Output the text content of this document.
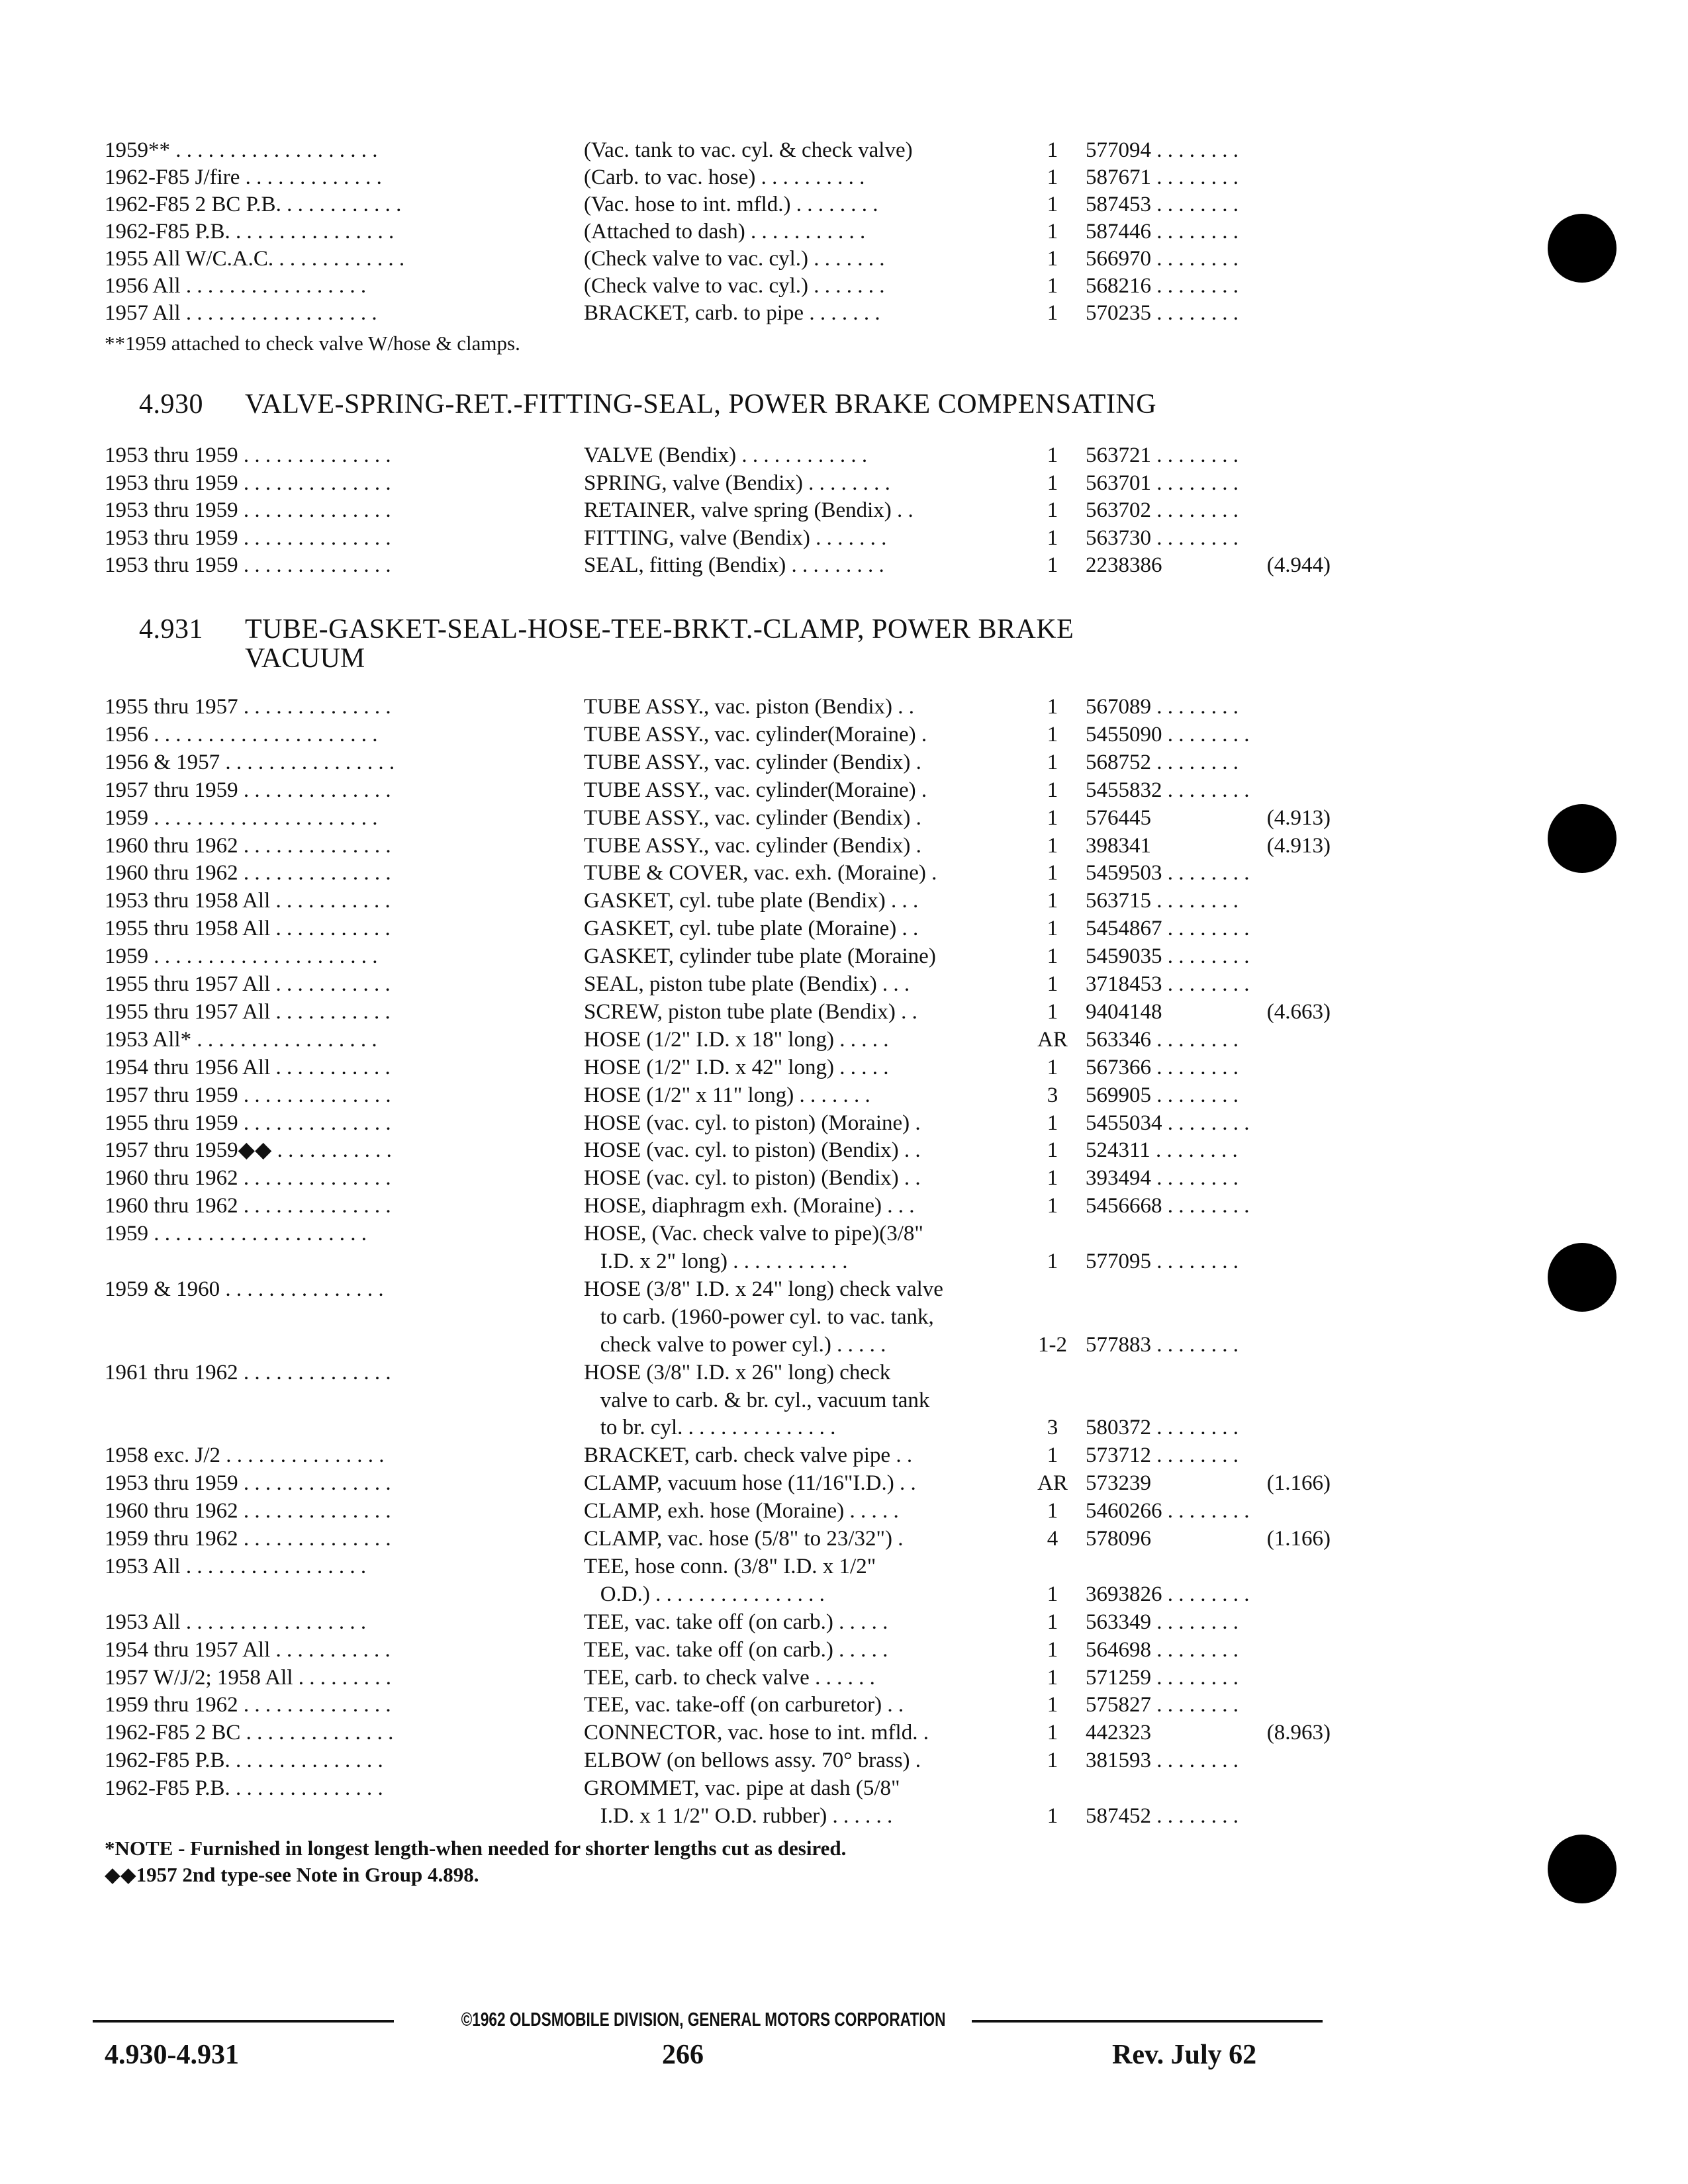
1959** . . . . . . . . . . . . . . . . . . .	(Vac. tank to vac. cyl. & check valve)	1	577094 . . . . . . . .
1962-F85 J/fire . . . . . . . . . . . . .	(Carb. to vac. hose) . . . . . . . . . .	1	587671 . . . . . . . .
1962-F85 2 BC P.B. . . . . . . . . . . .	(Vac. hose to int. mfld.) . . . . . . . .	1	587453 . . . . . . . .
1962-F85 P.B. . . . . . . . . . . . . . . .	(Attached to dash) . . . . . . . . . . .	1	587446 . . . . . . . .
1955 All W/C.A.C. . . . . . . . . . . . .	(Check valve to vac. cyl.) . . . . . . .	1	566970 . . . . . . . .
1956 All . . . . . . . . . . . . . . . . .	(Check valve to vac. cyl.) . . . . . . .	1	568216 . . . . . . . .
1957 All . . . . . . . . . . . . . . . . . .	BRACKET, carb. to pipe . . . . . . .	1	570235 . . . . . . . .
**1959 attached to check valve W/hose & clamps.
4.930 VALVE-SPRING-RET.-FITTING-SEAL, POWER BRAKE COMPENSATING
1953 thru 1959 . . . . . . . . . . . . . .	VALVE (Bendix) . . . . . . . . . . . .	1	563721 . . . . . . . .
1953 thru 1959 . . . . . . . . . . . . . .	SPRING, valve (Bendix) . . . . . . . .	1	563701 . . . . . . . .
1953 thru 1959 . . . . . . . . . . . . . .	RETAINER, valve spring (Bendix) . .	1	563702 . . . . . . . .
1953 thru 1959 . . . . . . . . . . . . . .	FITTING, valve (Bendix) . . . . . . .	1	563730 . . . . . . . .
1953 thru 1959 . . . . . . . . . . . . . .	SEAL, fitting (Bendix) . . . . . . . . .	1	2238386	(4.944)
4.931 TUBE-GASKET-SEAL-HOSE-TEE-BRKT.-CLAMP, POWER BRAKE
VACUUM
1955 thru 1957 . . . . . . . . . . . . . .	TUBE ASSY., vac. piston (Bendix) . .	1	567089 . . . . . . . .
1956 . . . . . . . . . . . . . . . . . . . . .	TUBE ASSY., vac. cylinder(Moraine) .	1	5455090 . . . . . . . .
1956 & 1957 . . . . . . . . . . . . . . . .	TUBE ASSY., vac. cylinder (Bendix) .	1	568752 . . . . . . . .
1957 thru 1959 . . . . . . . . . . . . . .	TUBE ASSY., vac. cylinder(Moraine) .	1	5455832 . . . . . . . .
1959 . . . . . . . . . . . . . . . . . . . . .	TUBE ASSY., vac. cylinder (Bendix) .	1	576445	(4.913)
1960 thru 1962 . . . . . . . . . . . . . .	TUBE ASSY., vac. cylinder (Bendix) .	1	398341	(4.913)
1960 thru 1962 . . . . . . . . . . . . . .	TUBE & COVER, vac. exh. (Moraine) .	1	5459503 . . . . . . . .
1953 thru 1958 All . . . . . . . . . . .	GASKET, cyl. tube plate (Bendix) . . .	1	563715 . . . . . . . .
1955 thru 1958 All . . . . . . . . . . .	GASKET, cyl. tube plate (Moraine) . .	1	5454867 . . . . . . . .
1959 . . . . . . . . . . . . . . . . . . . . .	GASKET, cylinder tube plate (Moraine)	1	5459035 . . . . . . . .
1955 thru 1957 All . . . . . . . . . . .	SEAL, piston tube plate (Bendix) . . .	1	3718453 . . . . . . . .
1955 thru 1957 All . . . . . . . . . . .	SCREW, piston tube plate (Bendix) . .	1	9404148	(4.663)
1953 All* . . . . . . . . . . . . . . . . .	HOSE (1/2" I.D. x 18" long) . . . . .	AR 563346 . . . . . . . .
1954 thru 1956 All . . . . . . . . . . .	HOSE (1/2" I.D. x 42" long) . . . . .	1	567366 . . . . . . . .
1957 thru 1959 . . . . . . . . . . . . . .	HOSE (1/2" x 11" long) . . . . . . .	3	569905 . . . . . . . .
1955 thru 1959 . . . . . . . . . . . . . .	HOSE (vac. cyl. to piston) (Moraine) .	1	5455034 . . . . . . . .
1957 thru 1959◆◆ . . . . . . . . . . .	HOSE (vac. cyl. to piston) (Bendix) . .	1	524311 . . . . . . . .
1960 thru 1962 . . . . . . . . . . . . . .	HOSE (vac. cyl. to piston) (Bendix) . .	1	393494 . . . . . . . .
1960 thru 1962 . . . . . . . . . . . . . .	HOSE, diaphragm exh. (Moraine) . . .	1	5456668 . . . . . . . .
1959 . . . . . . . . . . . . . . . . . . . .	HOSE, (Vac. check valve to pipe)(3/8"
I.D. x 2" long) . . . . . . . . . . .	1	577095 . . . . . . . .
1959 & 1960 . . . . . . . . . . . . . . .	HOSE (3/8" I.D. x 24" long) check valve
to carb. (1960-power cyl. to vac. tank,
check valve to power cyl.) . . . . .	1-2 577883 . . . . . . . .
1961 thru 1962 . . . . . . . . . . . . . .	HOSE (3/8" I.D. x 26" long) check
valve to carb. & br. cyl., vacuum tank
to br. cyl. . . . . . . . . . . . . . .	3	580372 . . . . . . . .
1958 exc. J/2 . . . . . . . . . . . . . . .	BRACKET, carb. check valve pipe . .	1	573712 . . . . . . . .
1953 thru 1959 . . . . . . . . . . . . . .	CLAMP, vacuum hose (11/16"I.D.) . .	AR 573239	(1.166)
1960 thru 1962 . . . . . . . . . . . . . .	CLAMP, exh. hose (Moraine) . . . . .	1	5460266 . . . . . . . .
1959 thru 1962 . . . . . . . . . . . . . .	CLAMP, vac. hose (5/8" to 23/32") .	4	578096	(1.166)
1953 All . . . . . . . . . . . . . . . . .	TEE, hose conn. (3/8" I.D. x 1/2"
O.D.) . . . . . . . . . . . . . . . .	1	3693826 . . . . . . . .
1953 All . . . . . . . . . . . . . . . . .	TEE, vac. take off (on carb.) . . . . .	1	563349 . . . . . . . .
1954 thru 1957 All . . . . . . . . . . .	TEE, vac. take off (on carb.) . . . . .	1	564698 . . . . . . . .
1957 W/J/2; 1958 All . . . . . . . . .	TEE, carb. to check valve . . . . . .	1	571259 . . . . . . . .
1959 thru 1962 . . . . . . . . . . . . . .	TEE, vac. take-off (on carburetor) . .	1	575827 . . . . . . . .
1962-F85 2 BC . . . . . . . . . . . . . .	CONNECTOR, vac. hose to int. mfld. .	1	442323	(8.963)
1962-F85 P.B. . . . . . . . . . . . . . .	ELBOW (on bellows assy. 70° brass) .	1	381593 . . . . . . . .
1962-F85 P.B. . . . . . . . . . . . . . .	GROMMET, vac. pipe at dash (5/8"
I.D. x 1 1/2" O.D. rubber) . . . . . .	1	587452 . . . . . . . .
*NOTE - Furnished in longest length-when needed for shorter lengths cut as desired.
◆◆1957 2nd type-see Note in Group 4.898.
©1962 OLDSMOBILE DIVISION, GENERAL MOTORS CORPORATION
4.930-4.931	266	Rev. July 62
